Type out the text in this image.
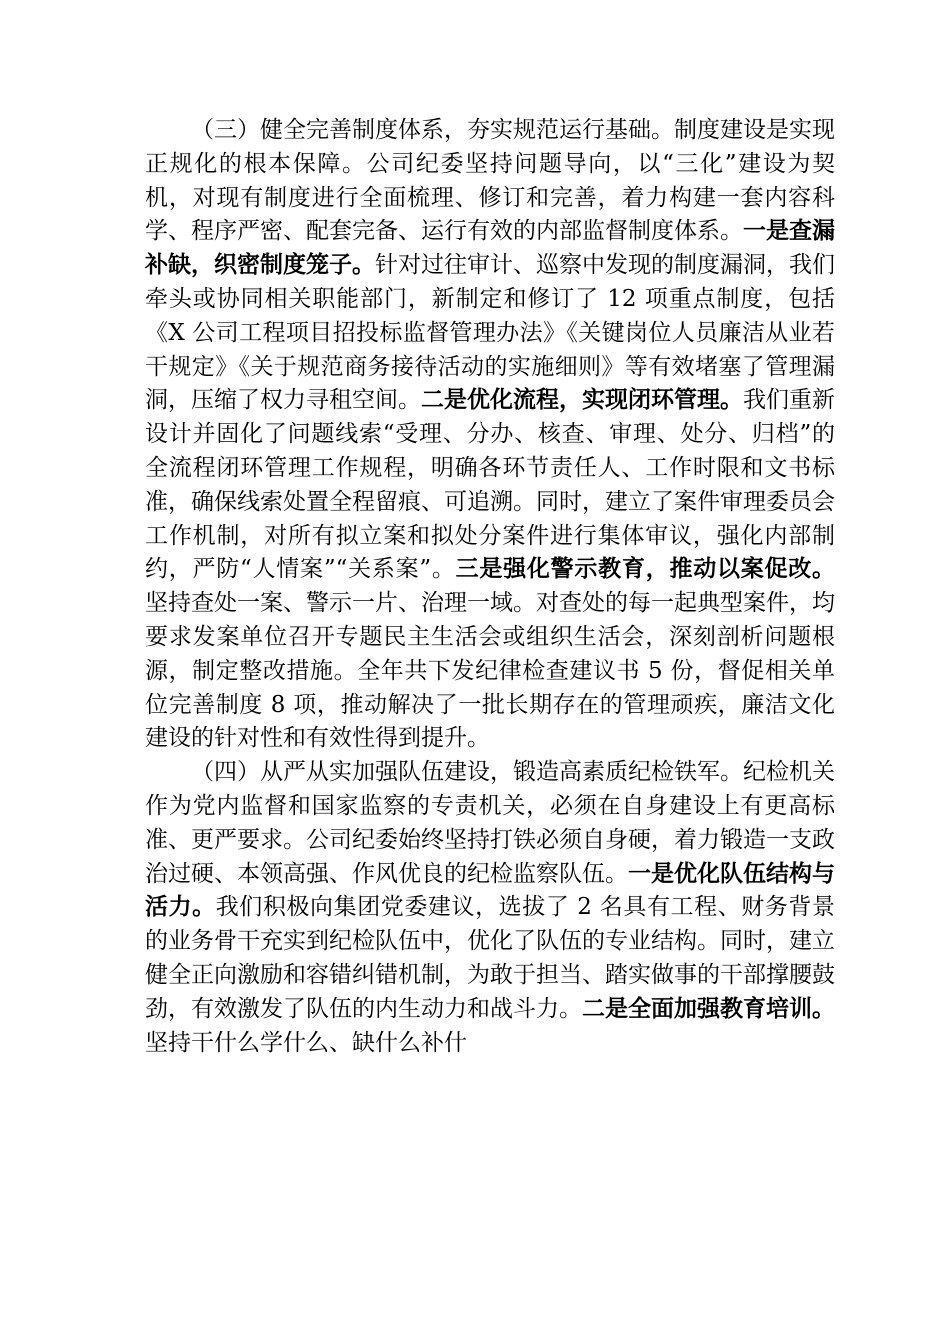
（三）健全完善制度体系，夯实规范运行基础。制度建设是实现正规化的根本保障。公司纪委坚持问题导向，以“三化”建设为契机，对现有制度进行全面梳理、修订和完善，着力构建一套内容科学、程序严密、配套完备、运行有效的内部监督制度体系。一是查漏补缺，织密制度笼子。针对过往审计、巡察中发现的制度漏洞，我们牵头或协同相关职能部门，新制定和修订了 12 项重点制度，包括《X 公司工程项目招投标监督管理办法》《关键岗位人员廉洁从业若干规定》《关于规范商务接待活动的实施细则》等有效堵塞了管理漏洞，压缩了权力寻租空间。二是优化流程，实现闭环管理。我们重新设计并固化了问题线索“受理、分办、核查、审理、处分、归档”的全流程闭环管理工作规程，明确各环节责任人、工作时限和文书标准，确保线索处置全程留痕、可追溯。同时，建立了案件审理委员会工作机制，对所有拟立案和拟处分案件进行集体审议，强化内部制约，严防“人情案”“关系案”。三是强化警示教育，推动以案促改。坚持查处一案、警示一片、治理一域。对查处的每一起典型案件，均要求发案单位召开专题民主生活会或组织生活会，深刻剖析问题根源，制定整改措施。全年共下发纪律检查建议书 5 份，督促相关单位完善制度 8 项，推动解决了一批长期存在的管理顽疾，廉洁文化建设的针对性和有效性得到提升。

（四）从严从实加强队伍建设，锻造高素质纪检铁军。纪检机关作为党内监督和国家监察的专责机关，必须在自身建设上有更高标准、更严要求。公司纪委始终坚持打铁必须自身硬，着力锻造一支政治过硬、本领高强、作风优良的纪检监察队伍。一是优化队伍结构与活力。我们积极向集团党委建议，选拔了 2 名具有工程、财务背景的业务骨干充实到纪检队伍中，优化了队伍的专业结构。同时，建立健全正向激励和容错纠错机制，为敢于担当、踏实做事的干部撑腰鼓劲，有效激发了队伍的内生动力和战斗力。二是全面加强教育培训。坚持干什么学什么、缺什么补什
